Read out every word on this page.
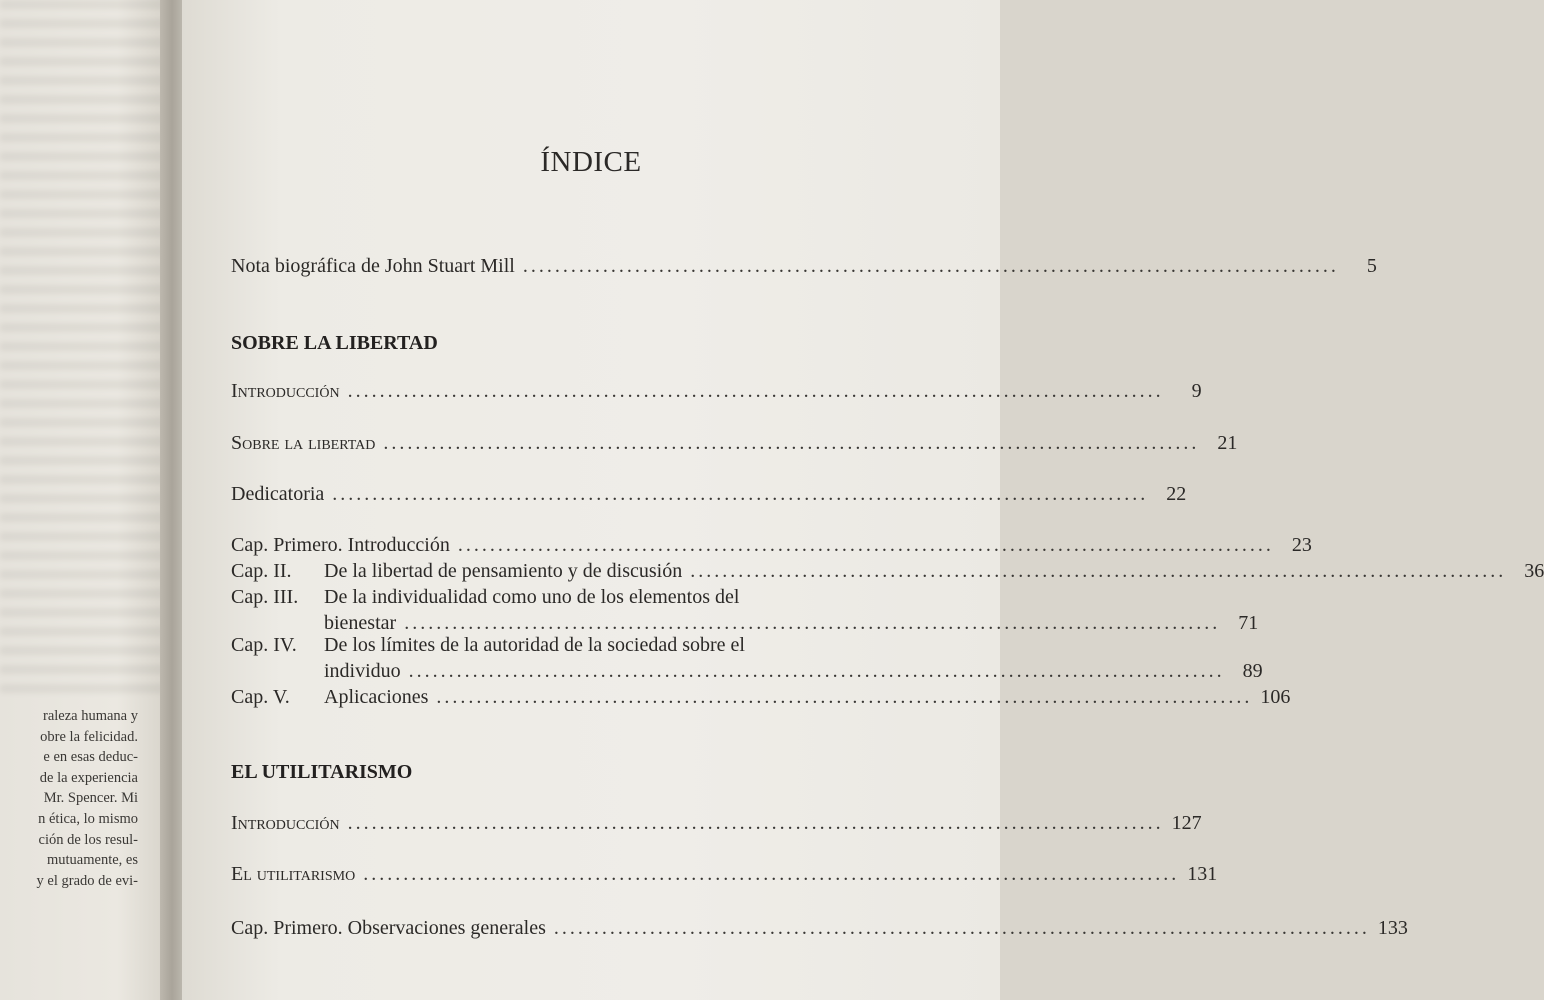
raleza humana y
obre la felicidad.
e en esas deduc-
de la experiencia
Mr. Spencer. Mi
n ética, lo mismo
ción de los resul-
mutuamente, es
y el grado de evi-
ÍNDICE
Nota biográfica de John Stuart Mill ......................................................................................................	5
SOBRE LA LIBERTAD
Introducción ......................................................................................................	9
Sobre la libertad ...................................................................................................... 21
Dedicatoria ...................................................................................................... 22
Cap. Primero. Introducción ...................................................................................................... 23
Cap. II. De la libertad de pensamiento y de discusión ...................................................................................................... 36
Cap. III. De la individualidad como uno de los elementos del
bienestar ...................................................................................................... 71
Cap. IV. De los límites de la autoridad de la sociedad sobre el
individuo ...................................................................................................... 89
Cap. V. Aplicaciones ...................................................................................................... 106
EL UTILITARISMO
Introducción ...................................................................................................... 127
El utilitarismo ...................................................................................................... 131
Cap. Primero. Observaciones generales ...................................................................................................... 133
